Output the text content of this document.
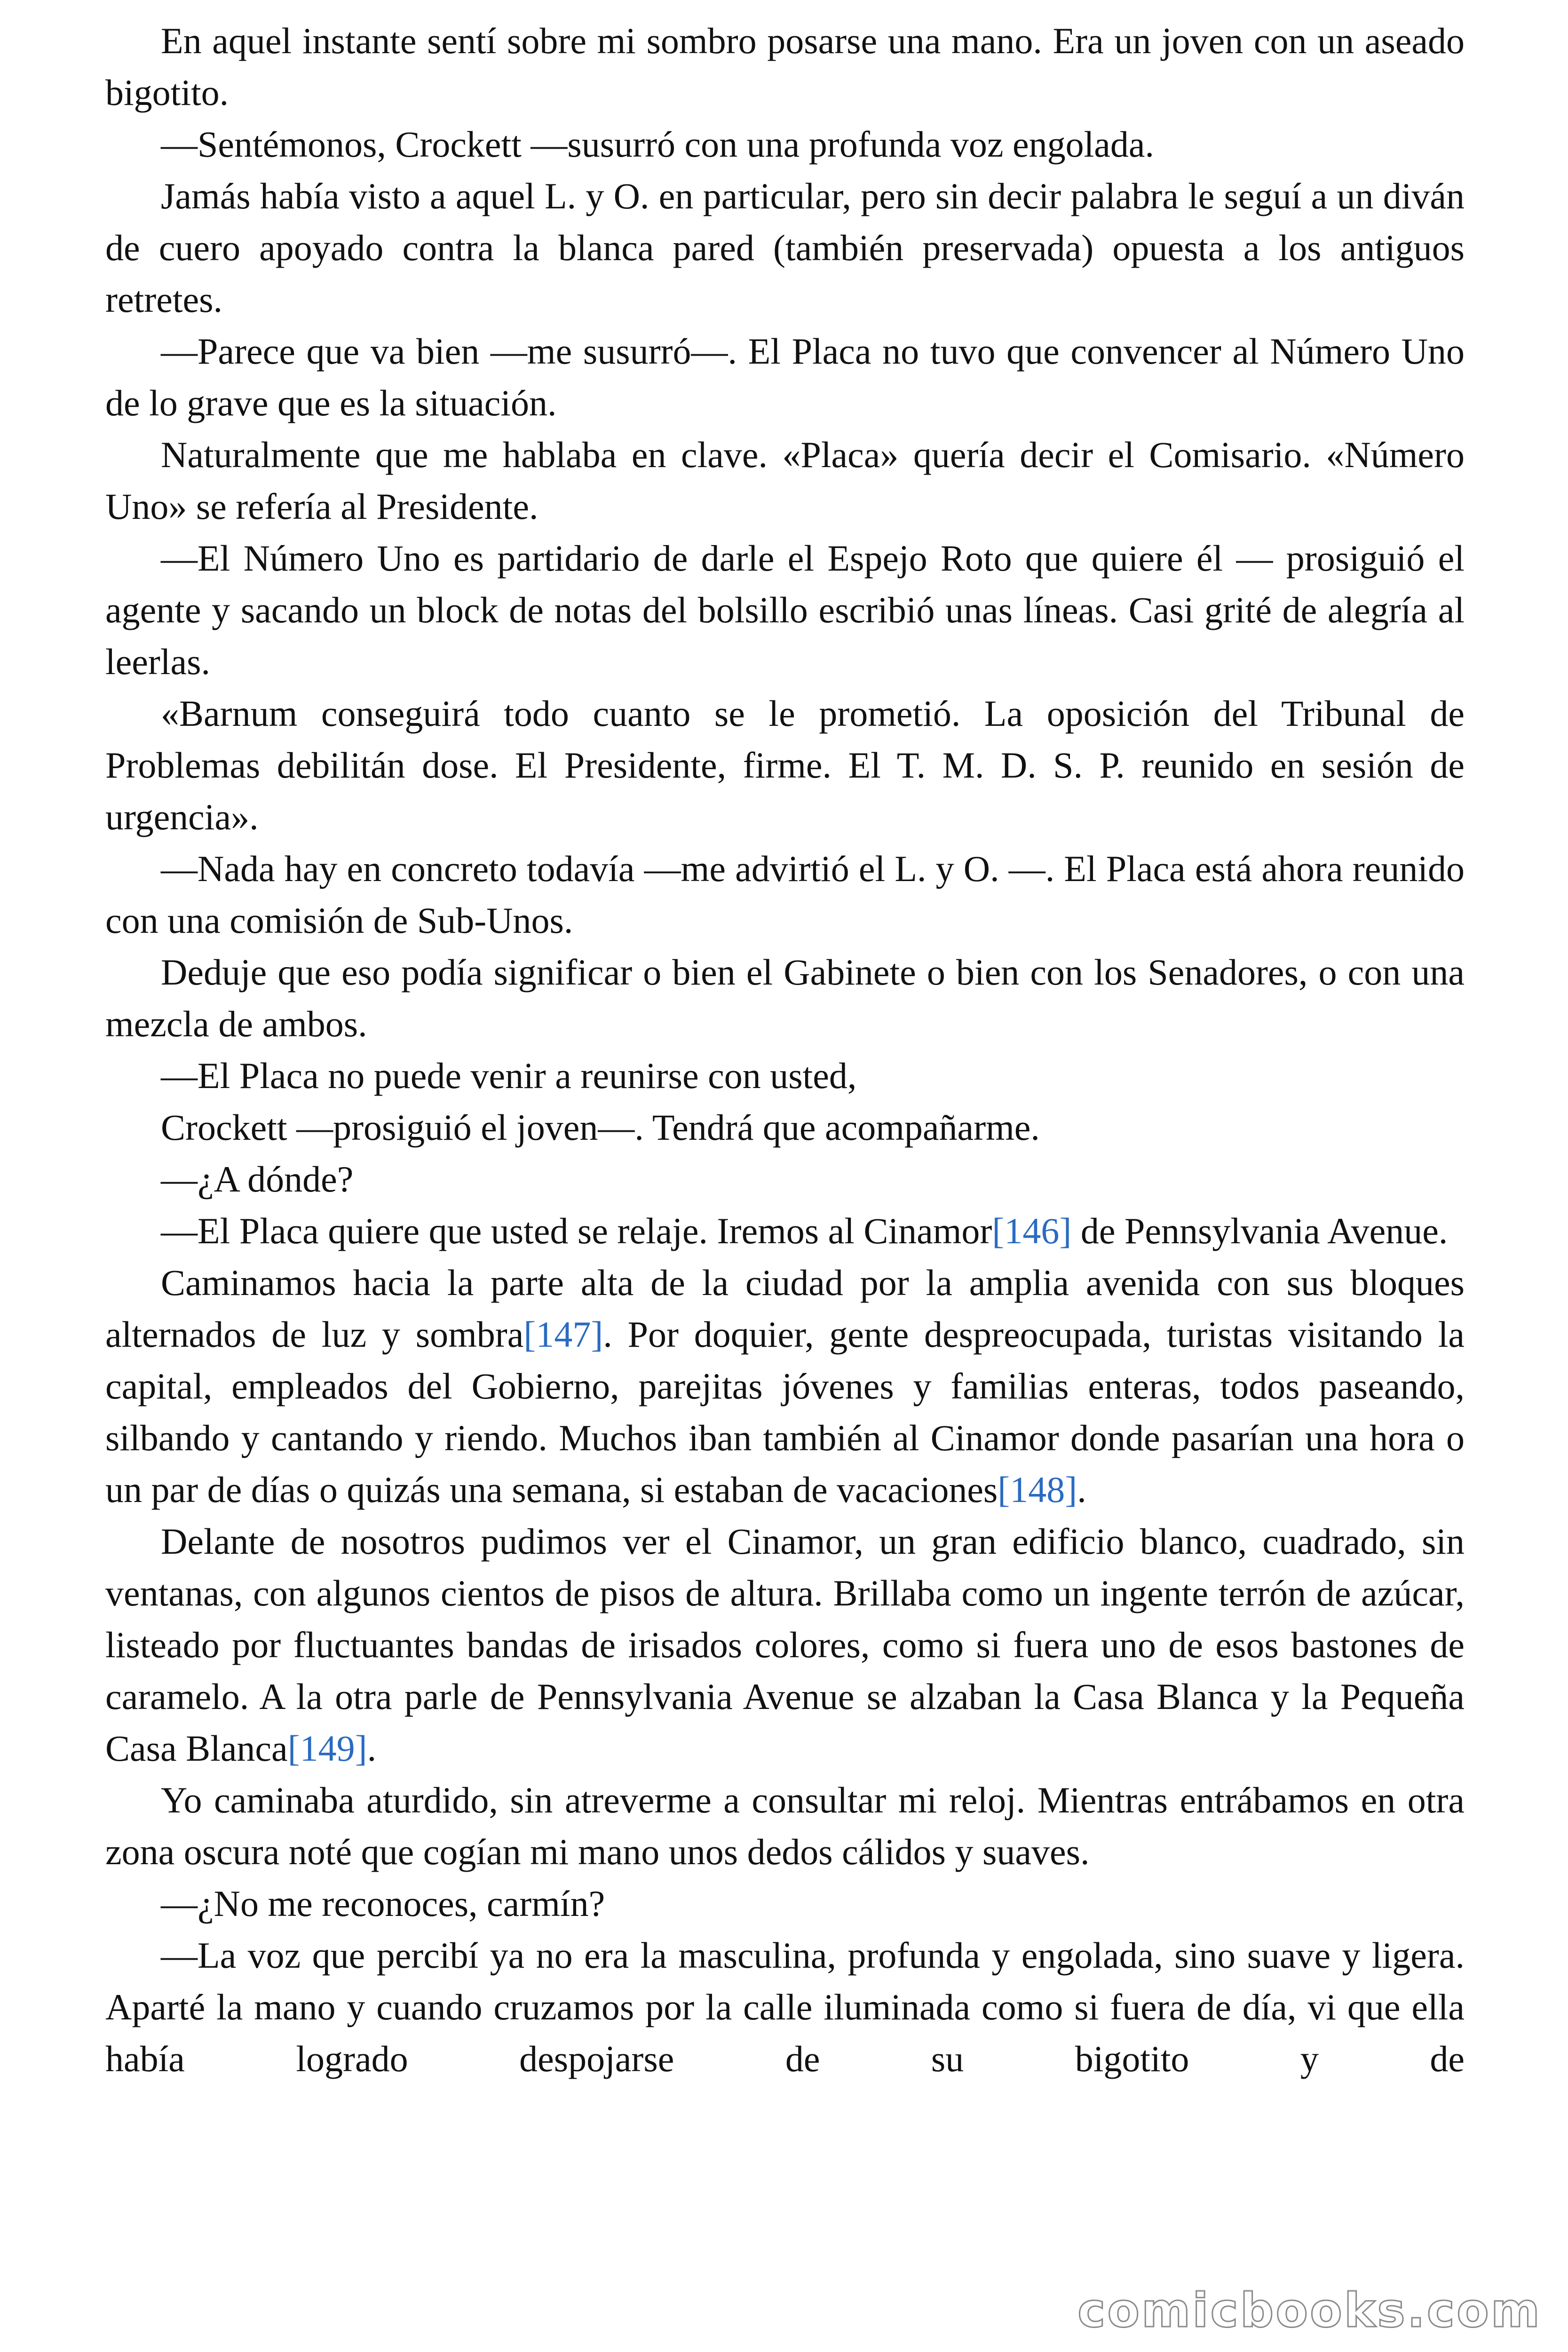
En aquel instante sentí sobre mi sombro posarse una mano. Era un joven con un aseado bigotito.

—Sentémonos, Crockett —susurró con una profunda voz engolada.

Jamás había visto a aquel L. y O. en particular, pero sin decir palabra le seguí a un diván de cuero apoyado contra la blanca pared (también preservada) opuesta a los antiguos retretes.

—Parece que va bien —me susurró—. El Placa no tuvo que convencer al Número Uno de lo grave que es la situación.

Naturalmente que me hablaba en clave. «Placa» quería decir el Comisario. «Número Uno» se refería al Presidente.

—El Número Uno es partidario de darle el Espejo Roto que quiere él — prosiguió el agente y sacando un block de notas del bolsillo escribió unas líneas. Casi grité de alegría al leerlas.

«Barnum conseguirá todo cuanto se le prometió. La oposición del Tribunal de Problemas debilitán dose. El Presidente, firme. El T. M. D. S. P. reunido en sesión de urgencia».

—Nada hay en concreto todavía —me advirtió el L. y O. —. El Placa está ahora reunido con una comisión de Sub-Unos.

Deduje que eso podía significar o bien el Gabinete o bien con los Senadores, o con una mezcla de ambos.

—El Placa no puede venir a reunirse con usted,

Crockett —prosiguió el joven—. Tendrá que acompañarme.

—¿A dónde?

—El Placa quiere que usted se relaje. Iremos al Cinamor[146] de Pennsylvania Avenue.

Caminamos hacia la parte alta de la ciudad por la amplia avenida con sus bloques alternados de luz y sombra[147]. Por doquier, gente despreocupada, turistas visitando la capital, empleados del Gobierno, parejitas jóvenes y familias enteras, todos paseando, silbando y cantando y riendo. Muchos iban también al Cinamor donde pasarían una hora o un par de días o quizás una semana, si estaban de vacaciones[148].

Delante de nosotros pudimos ver el Cinamor, un gran edificio blanco, cuadrado, sin ventanas, con algunos cientos de pisos de altura. Brillaba como un ingente terrón de azúcar, listeado por fluctuantes bandas de irisados colores, como si fuera uno de esos bastones de caramelo. A la otra parle de Pennsylvania Avenue se alzaban la Casa Blanca y la Pequeña Casa Blanca[149].

Yo caminaba aturdido, sin atreverme a consultar mi reloj. Mientras entrábamos en otra zona oscura noté que cogían mi mano unos dedos cálidos y suaves.

—¿No me reconoces, carmín?

—La voz que percibí ya no era la masculina, profunda y engolada, sino suave y ligera. Aparté la mano y cuando cruzamos por la calle iluminada como si fuera de día, vi que ella había logrado despojarse de su bigotito y de

comicbooks.com
